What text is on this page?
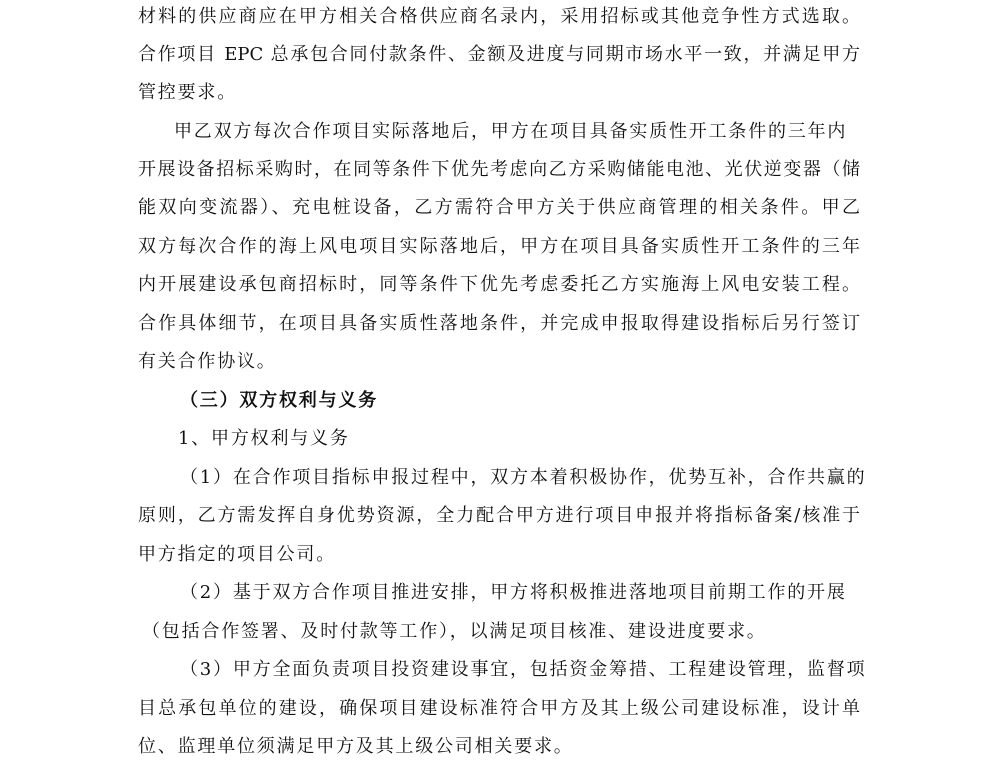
材料的供应商应在甲方相关合格供应商名录内，采用招标或其他竞争性方式选取。
合作项目 EPC 总承包合同付款条件、金额及进度与同期市场水平一致，并满足甲方
管控要求。
甲乙双方每次合作项目实际落地后，甲方在项目具备实质性开工条件的三年内
开展设备招标采购时，在同等条件下优先考虑向乙方采购储能电池、光伏逆变器（储
能双向变流器）、充电桩设备，乙方需符合甲方关于供应商管理的相关条件。甲乙
双方每次合作的海上风电项目实际落地后，甲方在项目具备实质性开工条件的三年
内开展建设承包商招标时，同等条件下优先考虑委托乙方实施海上风电安装工程。
合作具体细节，在项目具备实质性落地条件，并完成申报取得建设指标后另行签订
有关合作协议。
（三）双方权利与义务
1、甲方权利与义务
（1）在合作项目指标申报过程中，双方本着积极协作，优势互补，合作共赢的
原则，乙方需发挥自身优势资源，全力配合甲方进行项目申报并将指标备案/核准于
甲方指定的项目公司。
（2）基于双方合作项目推进安排，甲方将积极推进落地项目前期工作的开展
（包括合作签署、及时付款等工作），以满足项目核准、建设进度要求。
（3）甲方全面负责项目投资建设事宜，包括资金筹措、工程建设管理，监督项
目总承包单位的建设，确保项目建设标准符合甲方及其上级公司建设标准，设计单
位、监理单位须满足甲方及其上级公司相关要求。
